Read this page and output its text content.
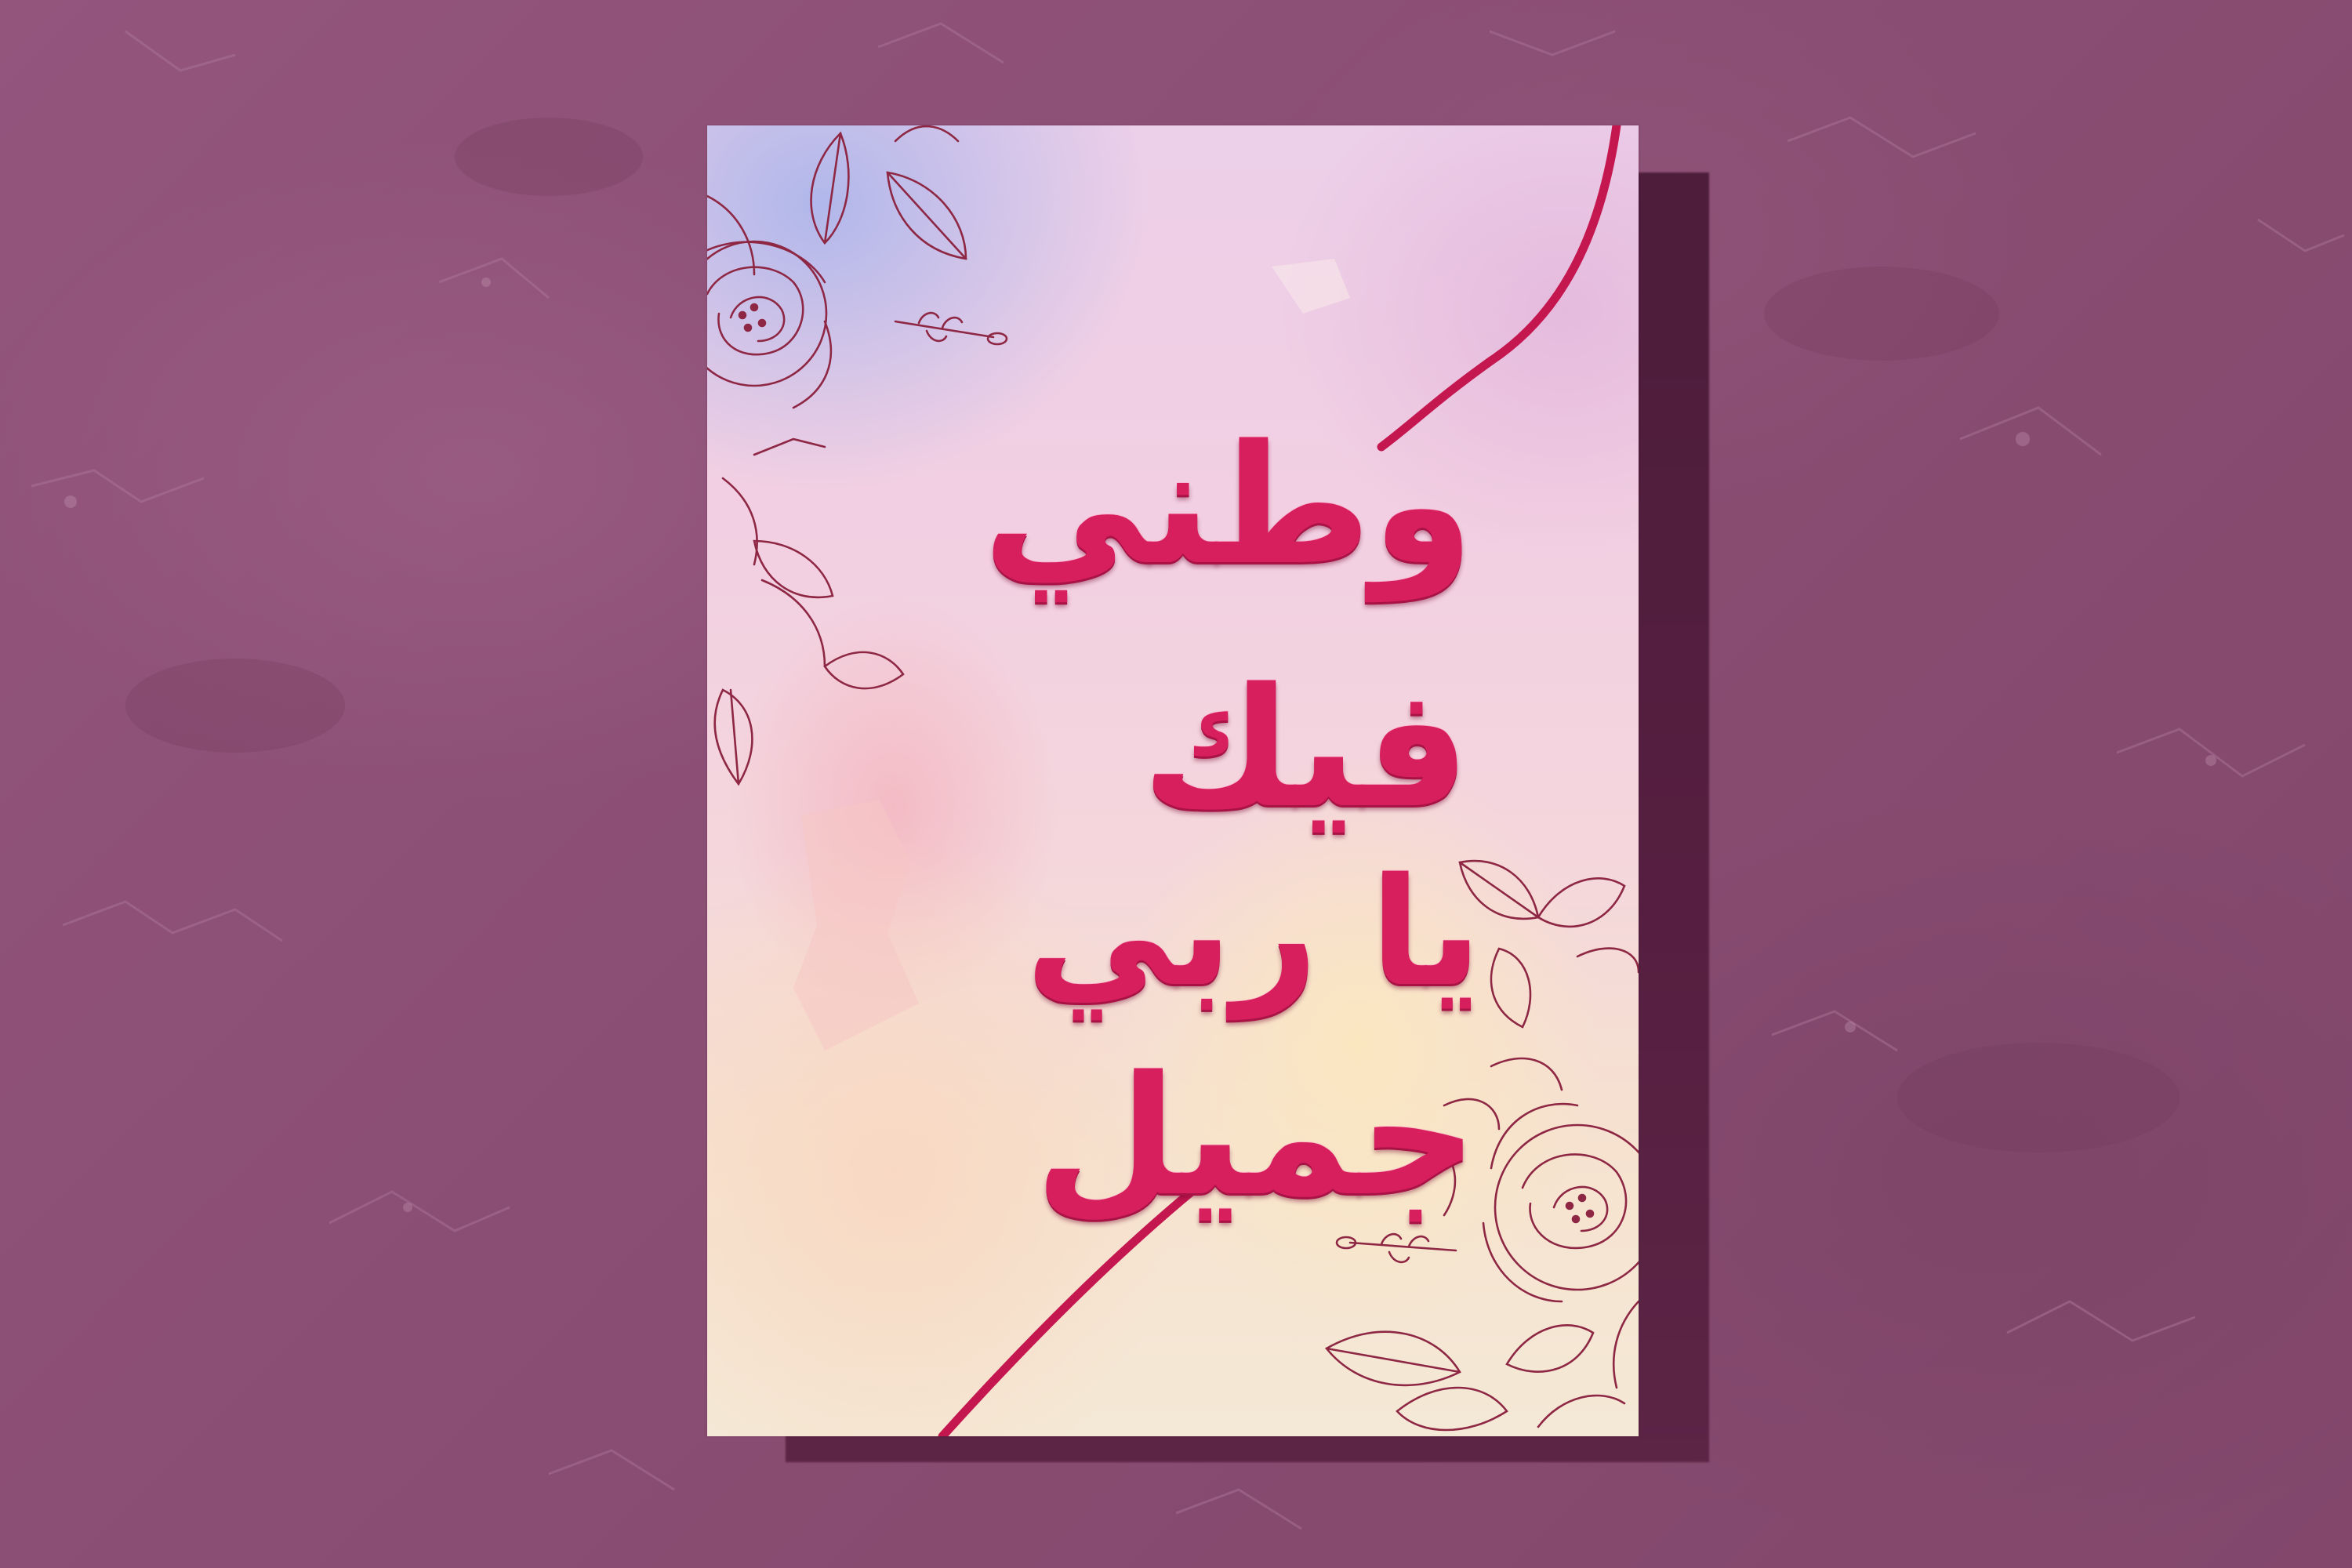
وطني
فيك
يا ربي
جميل
